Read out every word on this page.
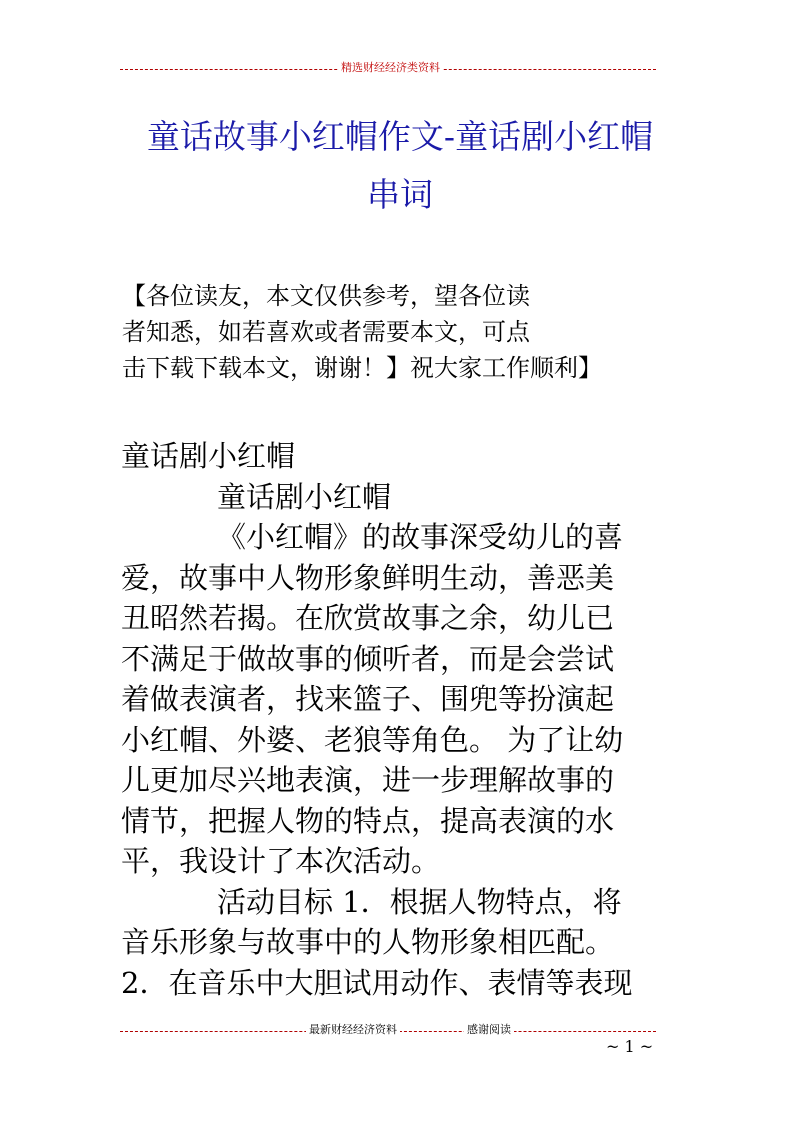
精选财经经济类资料
童话故事小红帽作文-童话剧小红帽
串词
【各位读友，本文仅供参考，望各位读
者知悉，如若喜欢或者需要本文，可点
击下载下载本文，谢谢！】祝大家工作顺利】
童话剧小红帽
童话剧小红帽
《小红帽》的故事深受幼儿的喜
爱，故事中人物形象鲜明生动，善恶美
丑昭然若揭。在欣赏故事之余，幼儿已
不满足于做故事的倾听者，而是会尝试
着做表演者，找来篮子、围兜等扮演起
小红帽、外婆、老狼等角色。 为了让幼
儿更加尽兴地表演，进一步理解故事的
情节，把握人物的特点，提高表演的水
平，我设计了本次活动。
活动目标 1．根据人物特点，将
音乐形象与故事中的人物形象相匹配。
2．在音乐中大胆试用动作、表情等表现
最新财经经济资料	感谢阅读
~ 1 ~
